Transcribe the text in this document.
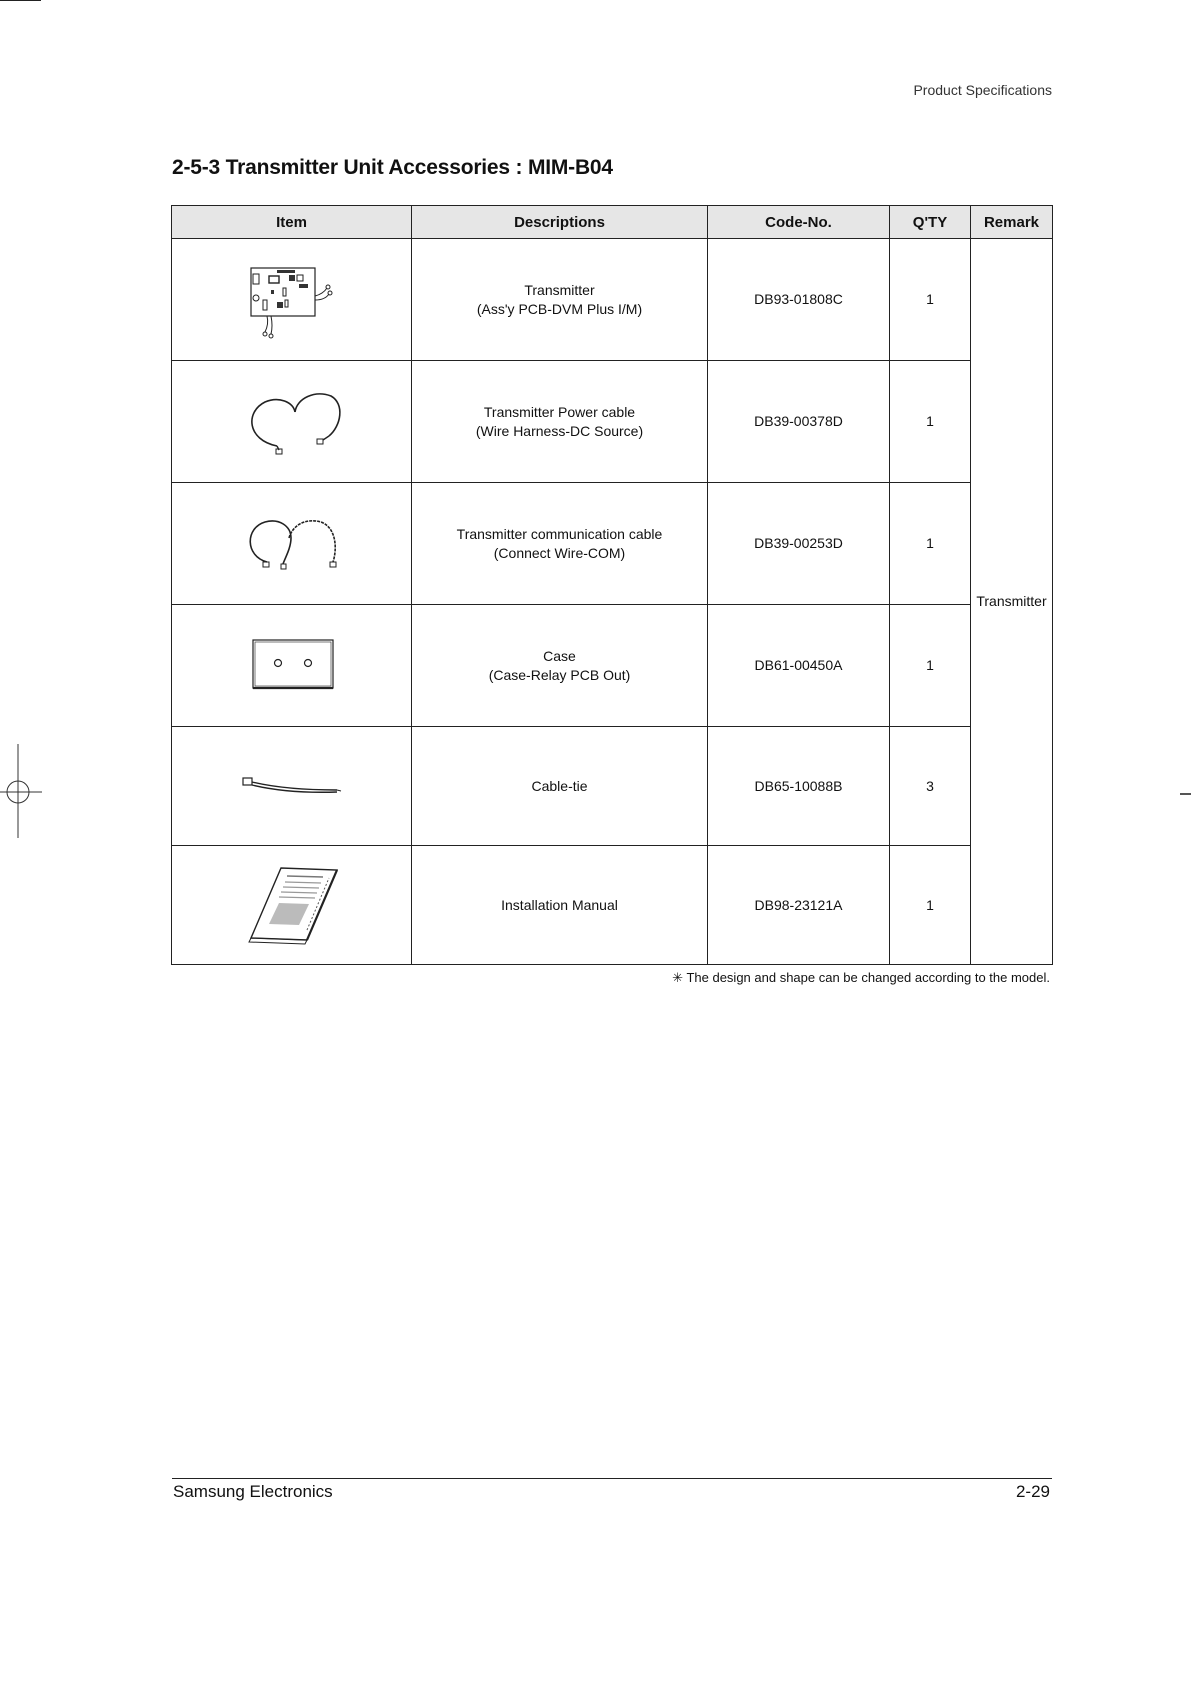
Product Specifications
2-5-3 Transmitter Unit Accessories : MIM-B04
Item	Descriptions	Code-No.	Q'TY	Remark

Transmitter
(Ass'y PCB-DVM Plus I/M)	DB93-01808C	1	Transmitter

Transmitter Power cable
(Wire Harness-DC Source)	DB39-00378D	1	

Transmitter communication cable
(Connect Wire-COM)	DB39-00253D	1	

Case
(Case-Relay PCB Out)	DB61-00450A	1	

Cable-tie	DB65-10088B	3	

Installation Manual	DB98-23121A	1	
✳ The design and shape can be changed according to the model.
Samsung Electronics	2-29
